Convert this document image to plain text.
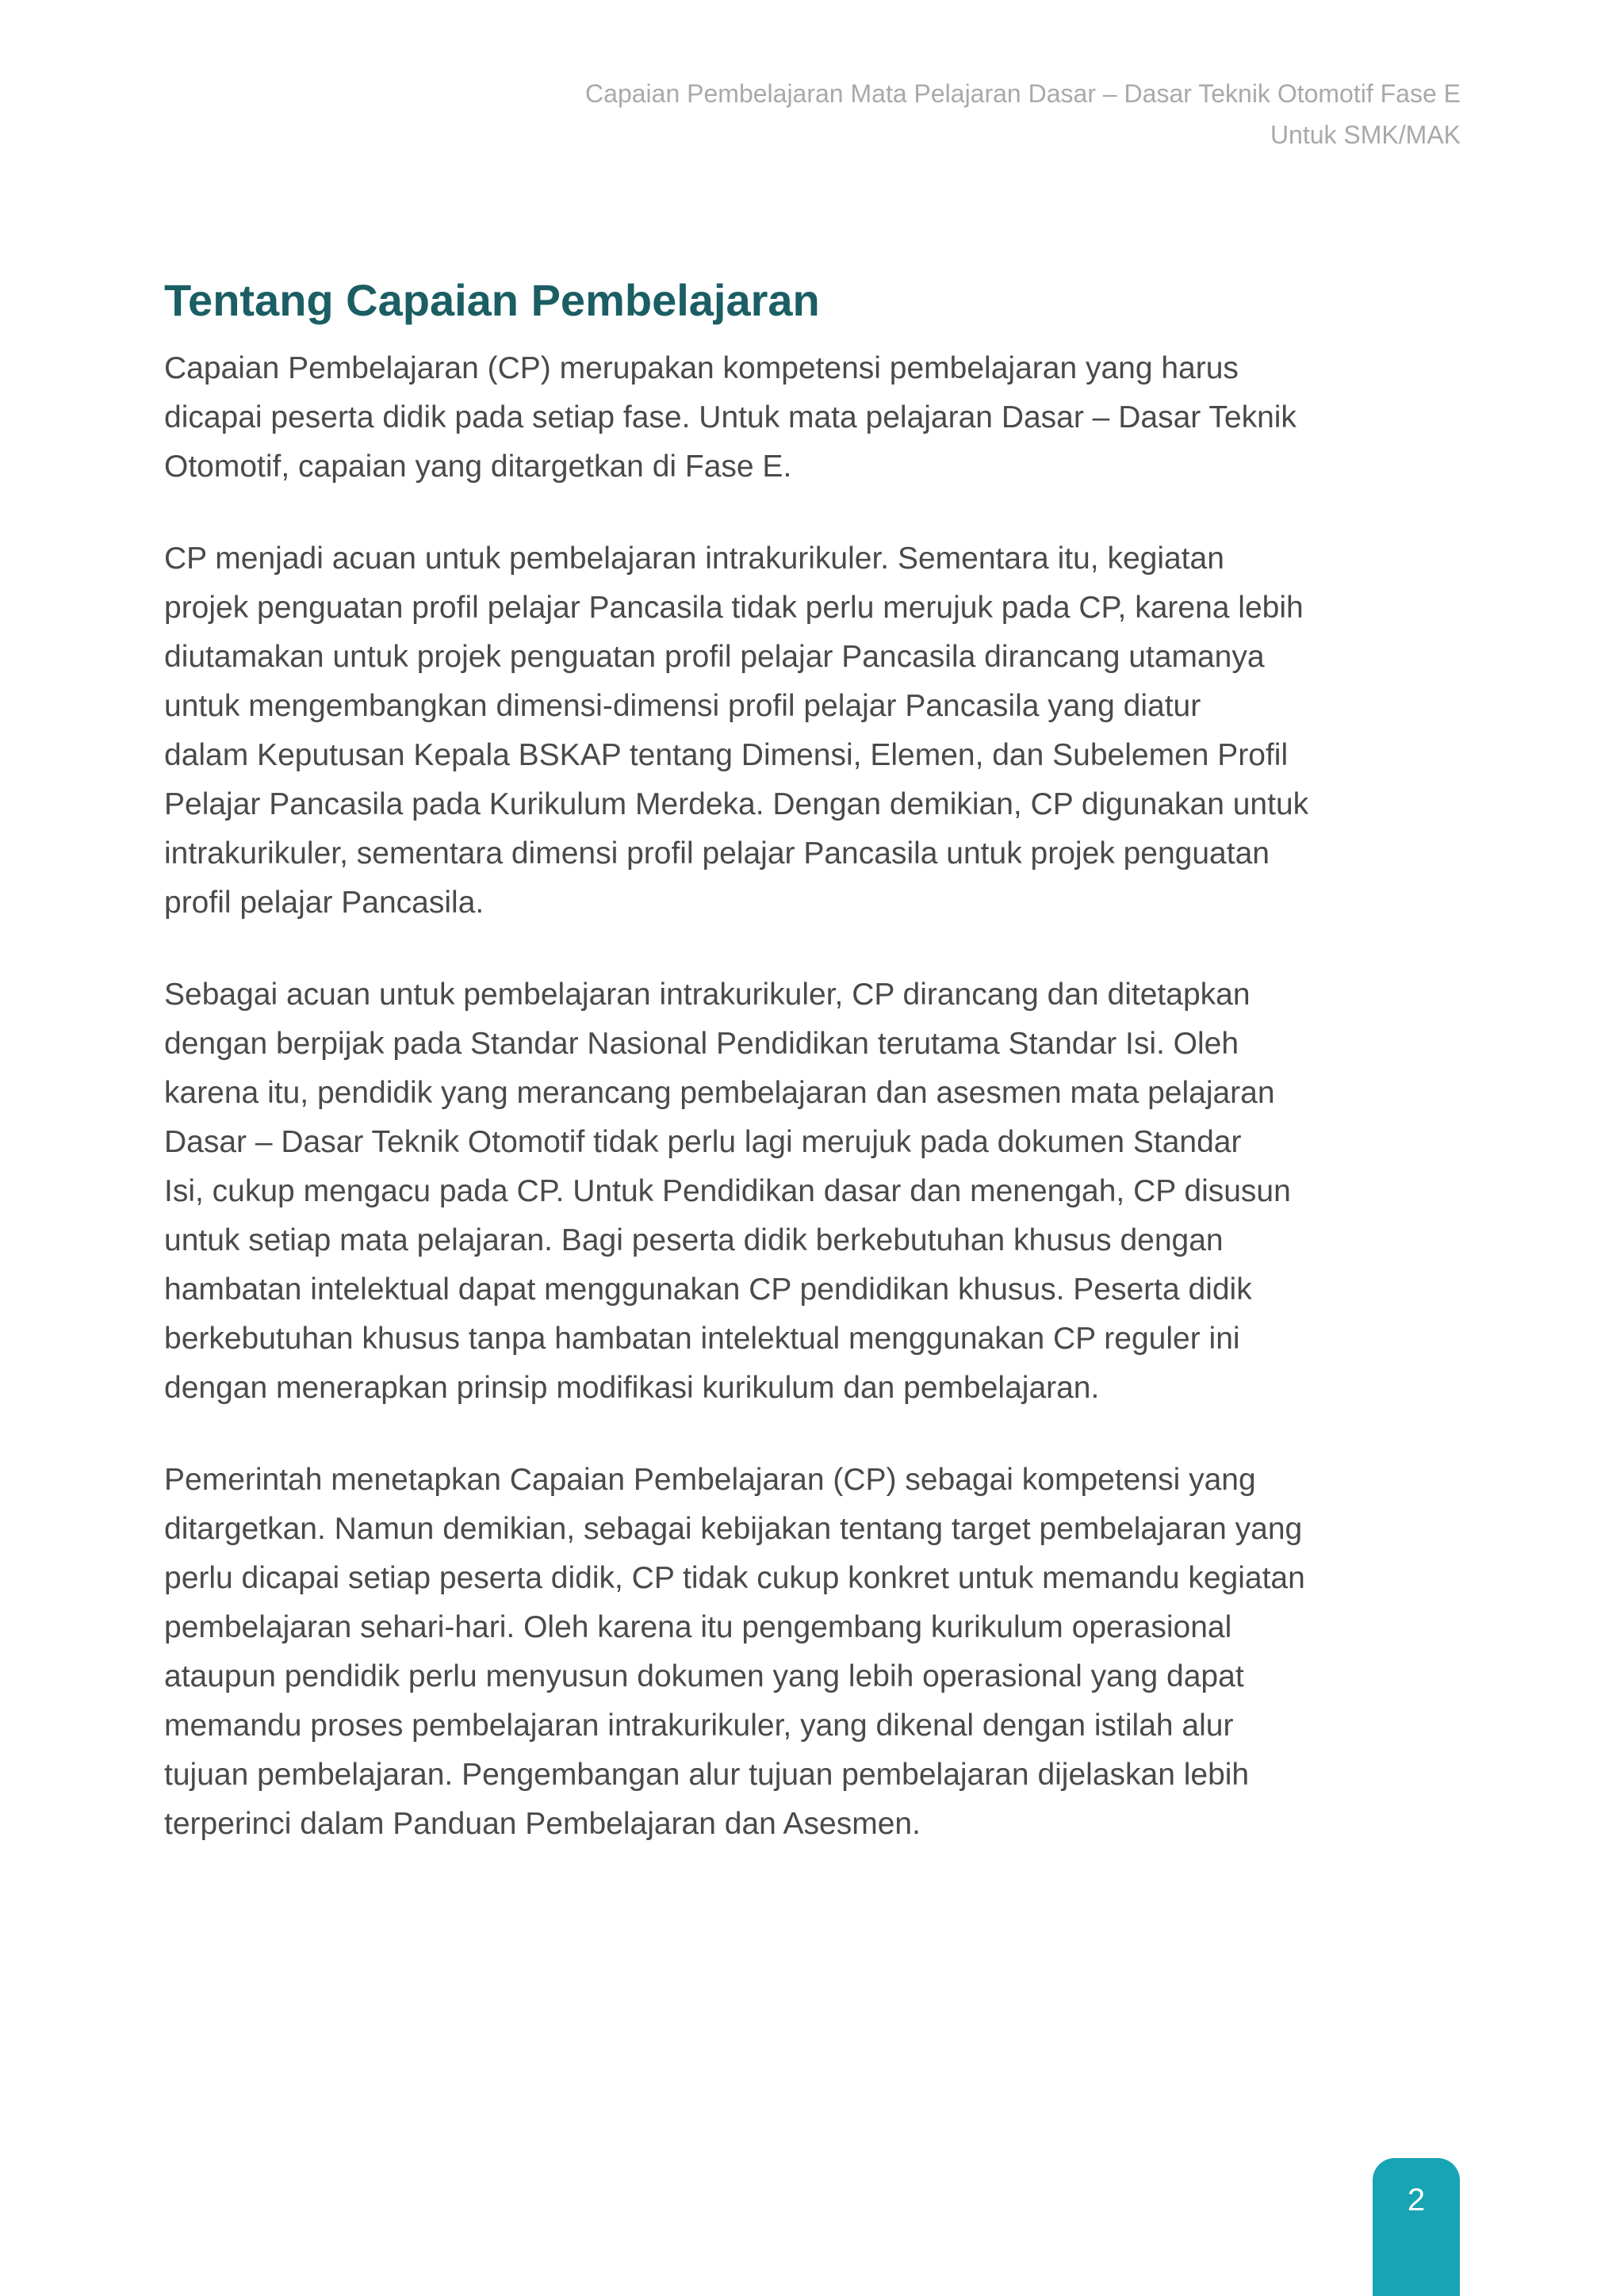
Capaian Pembelajaran Mata Pelajaran Dasar – Dasar Teknik Otomotif Fase E
Untuk SMK/MAK
Tentang Capaian Pembelajaran

Capaian Pembelajaran (CP) merupakan kompetensi pembelajaran yang harus
dicapai peserta didik pada setiap fase. Untuk mata pelajaran Dasar – Dasar Teknik
Otomotif, capaian yang ditargetkan di Fase E.

CP menjadi acuan untuk pembelajaran intrakurikuler. Sementara itu, kegiatan
projek penguatan profil pelajar Pancasila tidak perlu merujuk pada CP, karena lebih
diutamakan untuk projek penguatan profil pelajar Pancasila dirancang utamanya
untuk mengembangkan dimensi-dimensi profil pelajar Pancasila yang diatur
dalam Keputusan Kepala BSKAP tentang Dimensi, Elemen, dan Subelemen Profil
Pelajar Pancasila pada Kurikulum Merdeka. Dengan demikian, CP digunakan untuk
intrakurikuler, sementara dimensi profil pelajar Pancasila untuk projek penguatan
profil pelajar Pancasila.

Sebagai acuan untuk pembelajaran intrakurikuler, CP dirancang dan ditetapkan
dengan berpijak pada Standar Nasional Pendidikan terutama Standar Isi. Oleh
karena itu, pendidik yang merancang pembelajaran dan asesmen mata pelajaran
Dasar – Dasar Teknik Otomotif tidak perlu lagi merujuk pada dokumen Standar
Isi, cukup mengacu pada CP. Untuk Pendidikan dasar dan menengah, CP disusun
untuk setiap mata pelajaran. Bagi peserta didik berkebutuhan khusus dengan
hambatan intelektual dapat menggunakan CP pendidikan khusus. Peserta didik
berkebutuhan khusus tanpa hambatan intelektual menggunakan CP reguler ini
dengan menerapkan prinsip modifikasi kurikulum dan pembelajaran.

Pemerintah menetapkan Capaian Pembelajaran (CP) sebagai kompetensi yang
ditargetkan. Namun demikian, sebagai kebijakan tentang target pembelajaran yang
perlu dicapai setiap peserta didik, CP tidak cukup konkret untuk memandu kegiatan
pembelajaran sehari-hari. Oleh karena itu pengembang kurikulum operasional
ataupun pendidik perlu menyusun dokumen yang lebih operasional yang dapat
memandu proses pembelajaran intrakurikuler, yang dikenal dengan istilah alur
tujuan pembelajaran. Pengembangan alur tujuan pembelajaran dijelaskan lebih
terperinci dalam Panduan Pembelajaran dan Asesmen.

2
